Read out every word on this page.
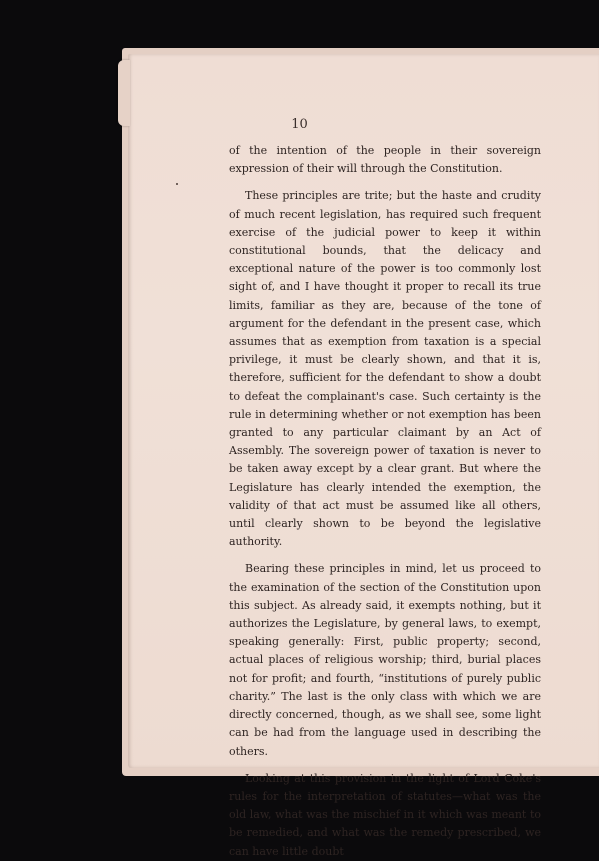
10

of the intention of the people in their sovereign expression of their will through the Constitution.

These principles are trite; but the haste and crudity of much recent legislation, has required such frequent exercise of the judicial power to keep it within constitutional bounds, that the delicacy and exceptional nature of the power is too commonly lost sight of, and I have thought it proper to recall its true limits, familiar as they are, because of the tone of argument for the defendant in the present case, which assumes that as exemption from taxation is a special privilege, it must be clearly shown, and that it is, therefore, sufficient for the defendant to show a doubt to defeat the complainant's case. Such certainty is the rule in determining whether or not exemption has been granted to any particular claimant by an Act of Assembly. The sovereign power of taxation is never to be taken away except by a clear grant. But where the Legislature has clearly intended the exemption, the validity of that act must be assumed like all others, until clearly shown to be beyond the legislative authority.

Bearing these principles in mind, let us proceed to the examination of the section of the Constitution upon this subject. As already said, it exempts nothing, but it authorizes the Legislature, by general laws, to exempt, speaking generally: First, public property; second, actual places of religious worship; third, burial places not for profit; and fourth, “institutions of purely public charity.” The last is the only class with which we are directly concerned, though, as we shall see, some light can be had from the language used in describing the others.

Looking at this provision in the light of Lord Coke's rules for the interpretation of statutes—what was the old law, what was the mischief in it which was meant to be remedied, and what was the remedy prescribed, we can have little doubt
